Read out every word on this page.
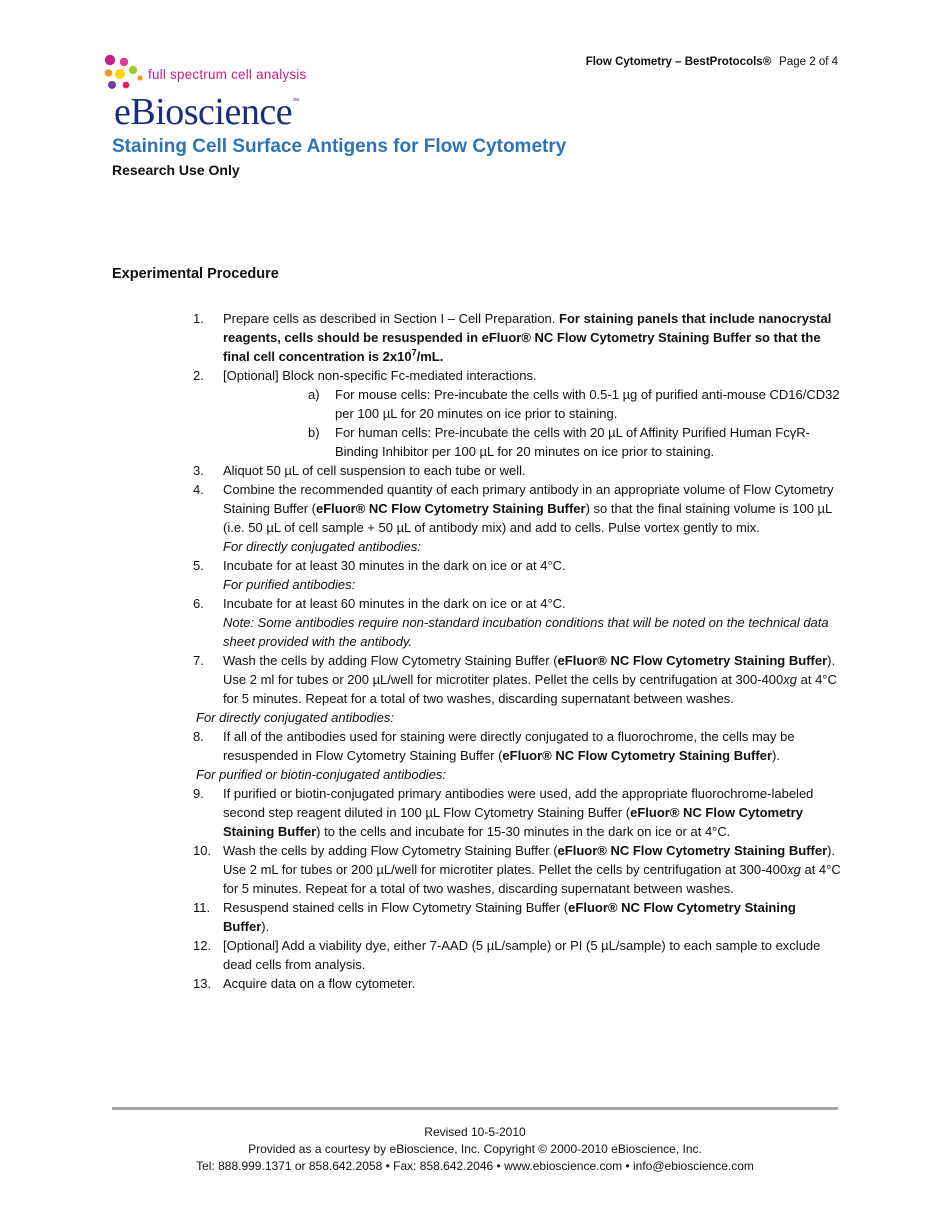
Flow Cytometry – BestProtocols® Page 2 of 4
full spectrum cell analysis
eBioscience™
Staining Cell Surface Antigens for Flow Cytometry
Research Use Only
Experimental Procedure
1.	Prepare cells as described in Section I – Cell Preparation. For staining panels that include nanocrystal reagents, cells should be resuspended in eFluor® NC Flow Cytometry Staining Buffer so that the final cell concentration is $2x10^7/mL$.
2.	[Optional] Block non-specific Fc-mediated interactions.
a) For mouse cells: Pre-incubate the cells with 0.5-1 µg of purified anti-mouse CD16/CD32 per 100 µL for 20 minutes on ice prior to staining.
b) For human cells: Pre-incubate the cells with 20 µL of Affinity Purified Human FcγR-Binding Inhibitor per 100 µL for 20 minutes on ice prior to staining.
3.	Aliquot 50 µL of cell suspension to each tube or well.
4.	Combine the recommended quantity of each primary antibody in an appropriate volume of Flow Cytometry Staining Buffer (eFluor® NC Flow Cytometry Staining Buffer) so that the final staining volume is 100 µL (i.e. 50 µL of cell sample + 50 µL of antibody mix) and add to cells. Pulse vortex gently to mix.
For directly conjugated antibodies:
5.	Incubate for at least 30 minutes in the dark on ice or at 4°C.
For purified antibodies:
6.	Incubate for at least 60 minutes in the dark on ice or at 4°C.
Note: Some antibodies require non-standard incubation conditions that will be noted on the technical data sheet provided with the antibody.
7.	Wash the cells by adding Flow Cytometry Staining Buffer (eFluor® NC Flow Cytometry Staining Buffer). Use 2 ml for tubes or 200 µL/well for microtiter plates. Pellet the cells by centrifugation at 300-400xg at 4°C for 5 minutes. Repeat for a total of two washes, discarding supernatant between washes.
For directly conjugated antibodies:
8.	If all of the antibodies used for staining were directly conjugated to a fluorochrome, the cells may be resuspended in Flow Cytometry Staining Buffer (eFluor® NC Flow Cytometry Staining Buffer).
For purified or biotin-conjugated antibodies:
9.	If purified or biotin-conjugated primary antibodies were used, add the appropriate fluorochrome-labeled second step reagent diluted in 100 µL Flow Cytometry Staining Buffer (eFluor® NC Flow Cytometry Staining Buffer) to the cells and incubate for 15-30 minutes in the dark on ice or at 4°C.
10. Wash the cells by adding Flow Cytometry Staining Buffer (eFluor® NC Flow Cytometry Staining Buffer). Use 2 mL for tubes or 200 µL/well for microtiter plates. Pellet the cells by centrifugation at 300-400xg at 4°C for 5 minutes. Repeat for a total of two washes, discarding supernatant between washes.
11. Resuspend stained cells in Flow Cytometry Staining Buffer (eFluor® NC Flow Cytometry Staining Buffer).
12. [Optional] Add a viability dye, either 7-AAD (5 µL/sample) or PI (5 µL/sample) to each sample to exclude dead cells from analysis.
13. Acquire data on a flow cytometer.
Revised 10-5-2010
Provided as a courtesy by eBioscience, Inc. Copyright © 2000-2010 eBioscience, Inc.
Tel: 888.999.1371 or 858.642.2058 • Fax: 858.642.2046 • www.ebioscience.com • info@ebioscience.com
